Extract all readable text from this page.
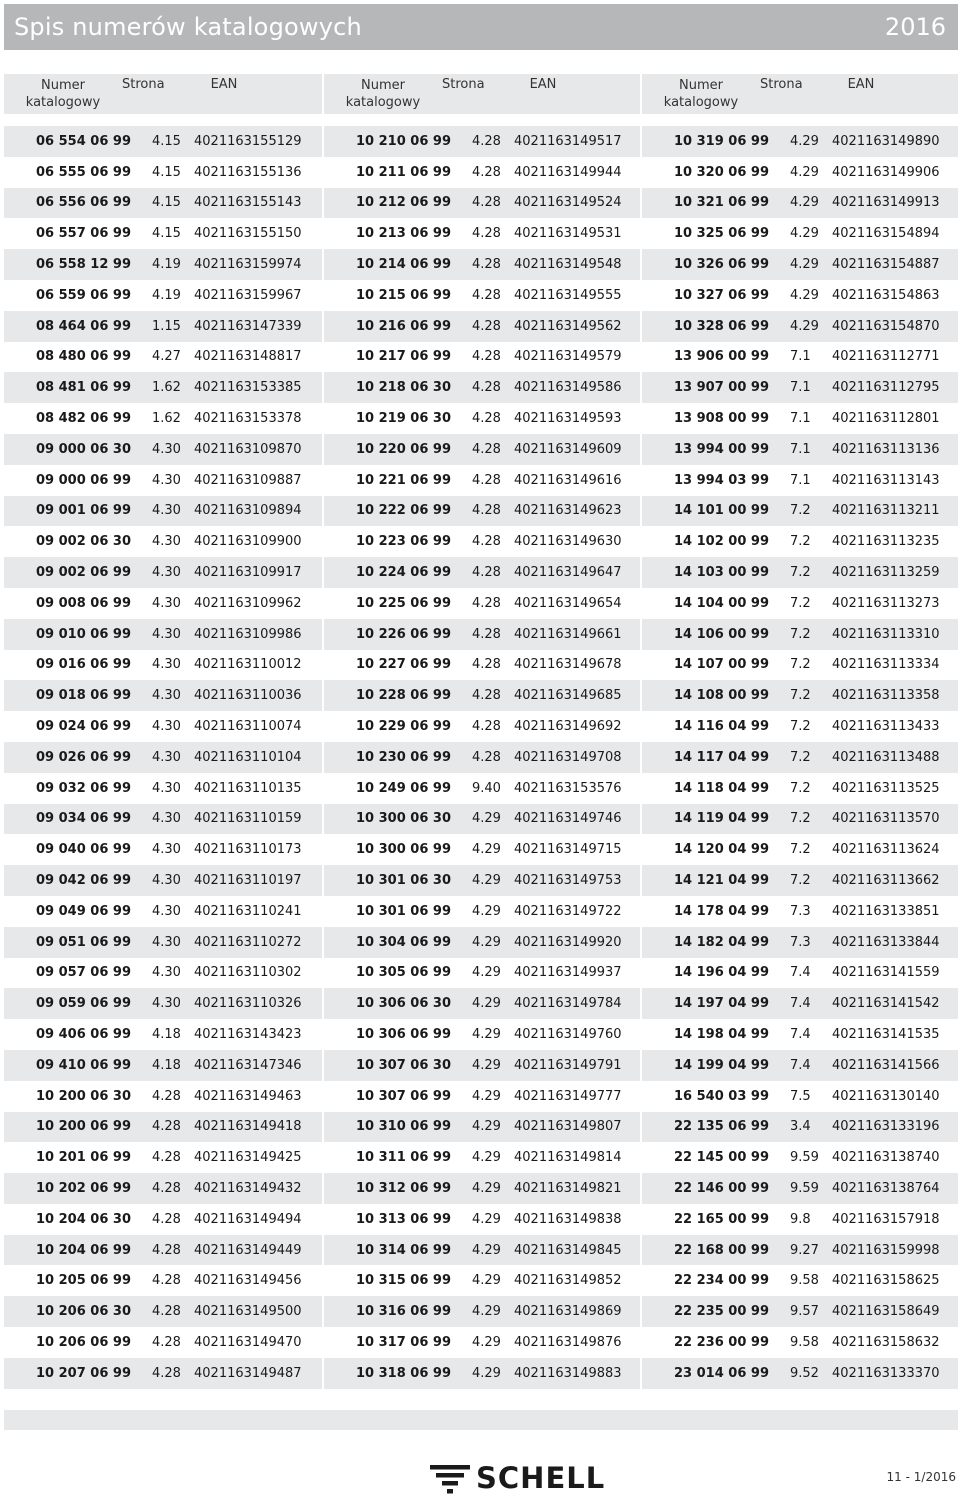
Spis numerów katalogowych	2016
Numer
katalogowy
Strona	EAN
06 554 06 99	4.15	4021163155129
06 555 06 99	4.15	4021163155136
06 556 06 99	4.15	4021163155143
06 557 06 99	4.15	4021163155150
06 558 12 99	4.19	4021163159974
06 559 06 99	4.19	4021163159967
08 464 06 99	1.15	4021163147339
08 480 06 99	4.27	4021163148817
08 481 06 99	1.62	4021163153385
08 482 06 99	1.62	4021163153378
09 000 06 30	4.30	4021163109870
09 000 06 99	4.30	4021163109887
09 001 06 99	4.30	4021163109894
09 002 06 30	4.30	4021163109900
09 002 06 99	4.30	4021163109917
09 008 06 99	4.30	4021163109962
09 010 06 99	4.30	4021163109986
09 016 06 99	4.30	4021163110012
09 018 06 99	4.30	4021163110036
09 024 06 99	4.30	4021163110074
09 026 06 99	4.30	4021163110104
09 032 06 99	4.30	4021163110135
09 034 06 99	4.30	4021163110159
09 040 06 99	4.30	4021163110173
09 042 06 99	4.30	4021163110197
09 049 06 99	4.30	4021163110241
09 051 06 99	4.30	4021163110272
09 057 06 99	4.30	4021163110302
09 059 06 99	4.30	4021163110326
09 406 06 99	4.18	4021163143423
09 410 06 99	4.18	4021163147346
10 200 06 30	4.28	4021163149463
10 200 06 99	4.28	4021163149418
10 201 06 99	4.28	4021163149425
10 202 06 99	4.28	4021163149432
10 204 06 30	4.28	4021163149494
10 204 06 99	4.28	4021163149449
10 205 06 99	4.28	4021163149456
10 206 06 30	4.28	4021163149500
10 206 06 99	4.28	4021163149470
10 207 06 99	4.28	4021163149487
Numer
katalogowy
Strona	EAN
10 210 06 99	4.28	4021163149517
10 211 06 99	4.28	4021163149944
10 212 06 99	4.28	4021163149524
10 213 06 99	4.28	4021163149531
10 214 06 99	4.28	4021163149548
10 215 06 99	4.28	4021163149555
10 216 06 99	4.28	4021163149562
10 217 06 99	4.28	4021163149579
10 218 06 30	4.28	4021163149586
10 219 06 30	4.28	4021163149593
10 220 06 99	4.28	4021163149609
10 221 06 99	4.28	4021163149616
10 222 06 99	4.28	4021163149623
10 223 06 99	4.28	4021163149630
10 224 06 99	4.28	4021163149647
10 225 06 99	4.28	4021163149654
10 226 06 99	4.28	4021163149661
10 227 06 99	4.28	4021163149678
10 228 06 99	4.28	4021163149685
10 229 06 99	4.28	4021163149692
10 230 06 99	4.28	4021163149708
10 249 06 99	9.40	4021163153576
10 300 06 30	4.29	4021163149746
10 300 06 99	4.29	4021163149715
10 301 06 30	4.29	4021163149753
10 301 06 99	4.29	4021163149722
10 304 06 99	4.29	4021163149920
10 305 06 99	4.29	4021163149937
10 306 06 30	4.29	4021163149784
10 306 06 99	4.29	4021163149760
10 307 06 30	4.29	4021163149791
10 307 06 99	4.29	4021163149777
10 310 06 99	4.29	4021163149807
10 311 06 99	4.29	4021163149814
10 312 06 99	4.29	4021163149821
10 313 06 99	4.29	4021163149838
10 314 06 99	4.29	4021163149845
10 315 06 99	4.29	4021163149852
10 316 06 99	4.29	4021163149869
10 317 06 99	4.29	4021163149876
10 318 06 99	4.29	4021163149883
Numer
katalogowy
Strona	EAN
10 319 06 99	4.29	4021163149890
10 320 06 99	4.29	4021163149906
10 321 06 99	4.29	4021163149913
10 325 06 99	4.29	4021163154894
10 326 06 99	4.29	4021163154887
10 327 06 99	4.29	4021163154863
10 328 06 99	4.29	4021163154870
13 906 00 99	7.1	4021163112771
13 907 00 99	7.1	4021163112795
13 908 00 99	7.1	4021163112801
13 994 00 99	7.1	4021163113136
13 994 03 99	7.1	4021163113143
14 101 00 99	7.2	4021163113211
14 102 00 99	7.2	4021163113235
14 103 00 99	7.2	4021163113259
14 104 00 99	7.2	4021163113273
14 106 00 99	7.2	4021163113310
14 107 00 99	7.2	4021163113334
14 108 00 99	7.2	4021163113358
14 116 04 99	7.2	4021163113433
14 117 04 99	7.2	4021163113488
14 118 04 99	7.2	4021163113525
14 119 04 99	7.2	4021163113570
14 120 04 99	7.2	4021163113624
14 121 04 99	7.2	4021163113662
14 178 04 99	7.3	4021163133851
14 182 04 99	7.3	4021163133844
14 196 04 99	7.4	4021163141559
14 197 04 99	7.4	4021163141542
14 198 04 99	7.4	4021163141535
14 199 04 99	7.4	4021163141566
16 540 03 99	7.5	4021163130140
22 135 06 99	3.4	4021163133196
22 145 00 99	9.59	4021163138740
22 146 00 99	9.59	4021163138764
22 165 00 99	9.8	4021163157918
22 168 00 99	9.27	4021163159998
22 234 00 99	9.58	4021163158625
22 235 00 99	9.57	4021163158649
22 236 00 99	9.58	4021163158632
23 014 06 99	9.52	4021163133370
SCHELL	11 - 1/2016
